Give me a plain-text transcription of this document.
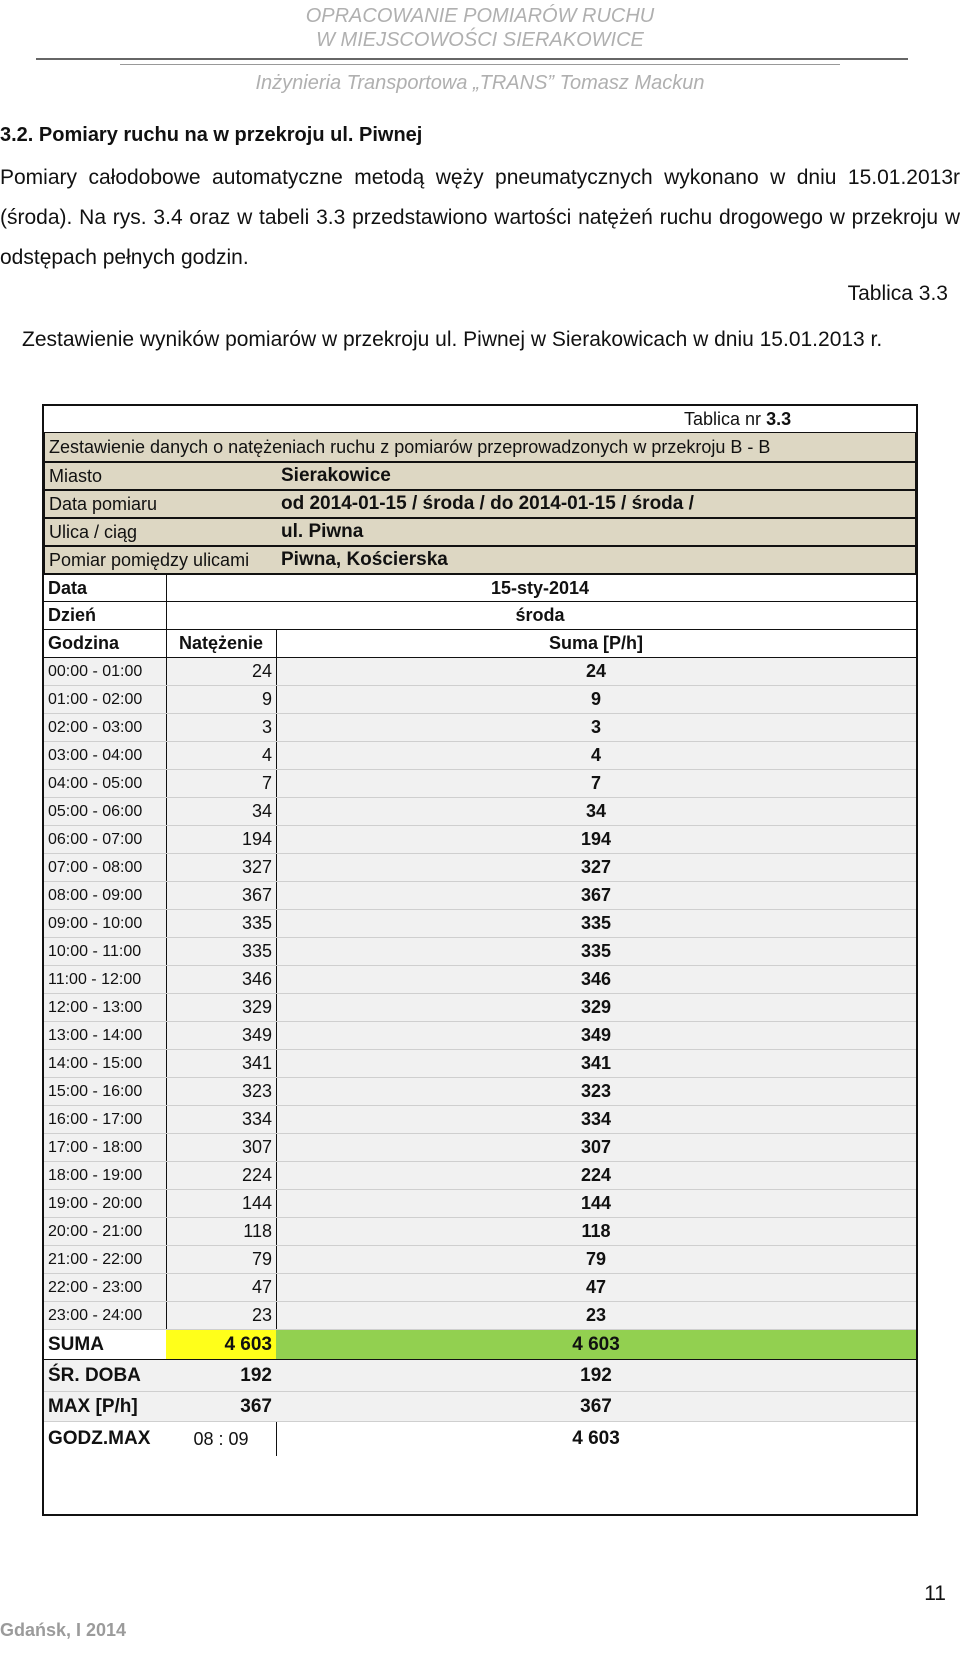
OPRACOWANIE POMIARÓW RUCHU
W MIEJSCOWOŚCI SIERAKOWICE
Inżynieria Transportowa „TRANS” Tomasz Mackun
3.2. Pomiary ruchu na w przekroju ul. Piwnej
Pomiary całodobowe automatyczne metodą węży pneumatycznych wykonano w dniu 15.01.2013r (środa). Na rys. 3.4 oraz w tabeli 3.3 przedstawiono wartości natężeń ruchu drogowego w przekroju w odstępach pełnych godzin.
Tablica 3.3
Zestawienie wyników pomiarów w przekroju ul. Piwnej w Sierakowicach w dniu 15.01.2013 r.
Tablica nr
3.3
Zestawienie danych o natężeniach ruchu z pomiarów przeprowadzonych w przekroju B - B
Miasto	Sierakowice
Data pomiaru	od 2014-01-15 / środa / do 2014-01-15 / środa /
Ulica / ciąg	ul. Piwna
Pomiar pomiędzy ulicami	Piwna, Kościerska
Data	15-sty-2014
Dzień	środa
Godzina	Natężenie	Suma [P/h]
00:00 - 01:00	24	24
01:00 - 02:00	9	9
02:00 - 03:00	3	3
03:00 - 04:00	4	4
04:00 - 05:00	7	7
05:00 - 06:00	34	34
06:00 - 07:00	194	194
07:00 - 08:00	327	327
08:00 - 09:00	367	367
09:00 - 10:00	335	335
10:00 - 11:00	335	335
11:00 - 12:00	346	346
12:00 - 13:00	329	329
13:00 - 14:00	349	349
14:00 - 15:00	341	341
15:00 - 16:00	323	323
16:00 - 17:00	334	334
17:00 - 18:00	307	307
18:00 - 19:00	224	224
19:00 - 20:00	144	144
20:00 - 21:00	118	118
21:00 - 22:00	79	79
22:00 - 23:00	47	47
23:00 - 24:00	23	23
SUMA	4 603	4 603
ŚR. DOBA	192	192
MAX [P/h]	367	367
GODZ.MAX	08 : 09	4 603
11
Gdańsk, I 2014
